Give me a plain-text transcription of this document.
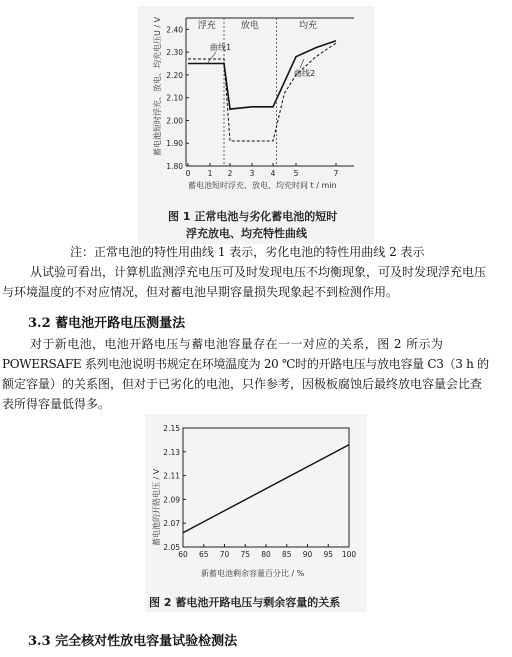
蓄电池短时浮充、放电、均充电压U / V
蓄电池短时浮充、放电、均充时间 t / min
图 1 正常电池与劣化蓄电池的短时
浮充放电、均充特性曲线
1.80
1.90
2.00
2.10
2.20
2.30
2.40
0 1 2 3 4 5	7
浮充	放电	均充
曲线1
曲线2
注：正常电池的特性用曲线 1 表示，劣化电池的特性用曲线 2 表示
从试验可看出，计算机监测浮充电压可及时发现电压不均衡现象，可及时发现浮充电压
与环境温度的不对应情况，但对蓄电池早期容量损失现象起不到检测作用。
3.2 蓄电池开路电压测量法
对于新电池，电池开路电压与蓄电池容量存在一一对应的关系，图 2 所示为
POWERSAFE 系列电池说明书规定在环境温度为 20 ℃时的开路电压与放电容量 C3（3 h 的
额定容量）的关系图，但对于已劣化的电池，只作参考，因极板腐蚀后最终放电容量会比查
表所得容量低得多。
蓄电池的开路电压 / V
新蓄电池剩余容量百分比 / %
图 2 蓄电池开路电压与剩余容量的关系
2.05
2.07
2.09
2.11
2.13
2.15
60 65 70 75 80 85 90 95 100
3.3 完全核对性放电容量试验检测法
